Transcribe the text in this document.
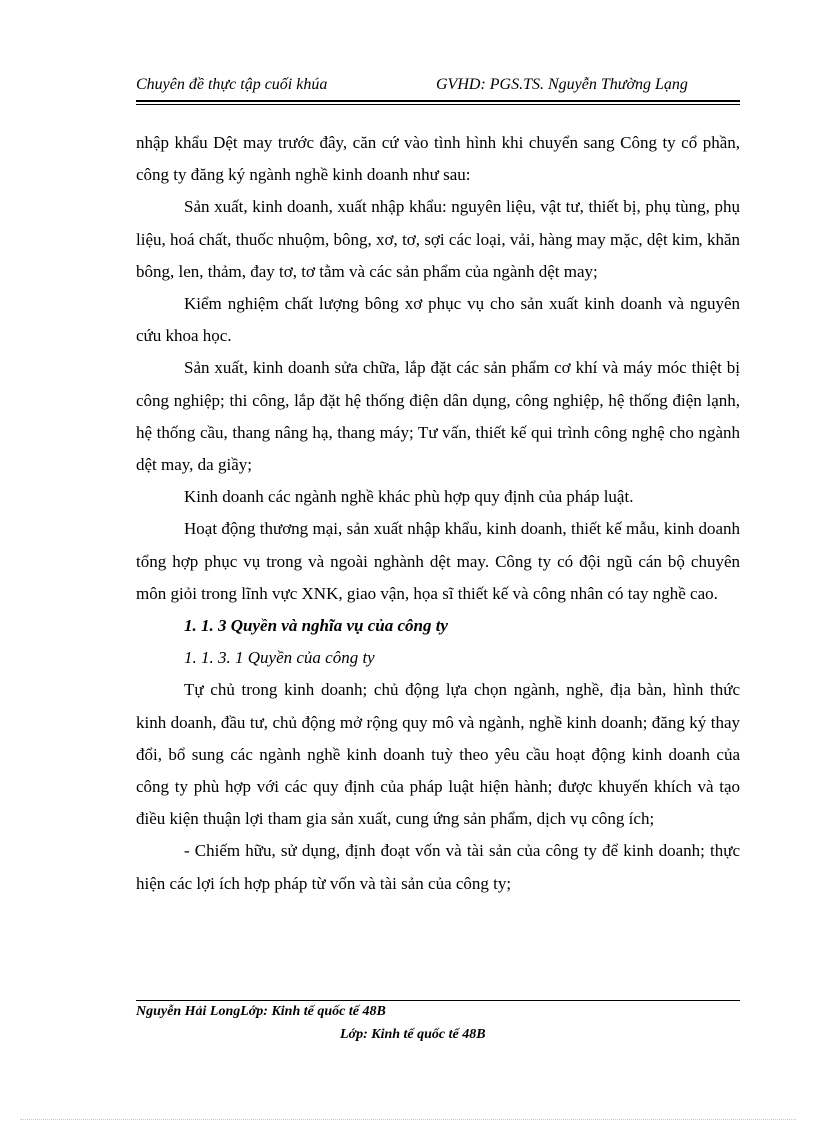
Chuyên đề thực tập cuối khúa	GVHD: PGS.TS. Nguyễn Thường Lạng

nhập khẩu Dệt may trước đây, căn cứ vào tình hình khi chuyển sang Công ty cổ phần, công ty đăng ký ngành nghề kinh doanh như sau:

Sản xuất, kinh doanh, xuất nhập khẩu: nguyên liệu, vật tư, thiết bị, phụ tùng, phụ liệu, hoá chất, thuốc nhuộm, bông, xơ, tơ, sợi các loại, vải, hàng may mặc, dệt kim, khăn bông, len, thảm, đay tơ, tơ tằm và các sản phẩm của ngành dệt may;

Kiểm nghiệm chất lượng bông xơ phục vụ cho sản xuất kinh doanh và nguyên cứu khoa học.

Sản xuất, kinh doanh sửa chữa, lắp đặt các sản phẩm cơ khí và máy móc thiệt bị công nghiệp; thi công, lắp đặt hệ thống điện dân dụng, công nghiệp, hệ thống điện lạnh, hệ thống cầu, thang nâng hạ, thang máy; Tư vấn, thiết kế qui trình công nghệ cho ngành dệt may, da giầy;

Kinh doanh các ngành nghề khác phù hợp quy định của pháp luật.

Hoạt động thương mại, sản xuất nhập khẩu, kinh doanh, thiết kế mẫu, kinh doanh tổng hợp phục vụ trong và ngoài nghành dệt may. Công ty có đội ngũ cán bộ chuyên môn giỏi trong lĩnh vực XNK, giao vận, họa sĩ thiết kế và công nhân có tay nghề cao.

1. 1. 3 Quyền và nghĩa vụ của công ty

1. 1. 3. 1 Quyền của công ty

Tự chủ trong kinh doanh; chủ động lựa chọn ngành, nghề, địa bàn, hình thức kinh doanh, đầu tư, chủ động mở rộng quy mô và ngành, nghề kinh doanh; đăng ký thay đổi, bổ sung các ngành nghề kinh doanh tuỳ theo yêu cầu hoạt động kinh doanh của công ty phù hợp với các quy định của pháp luật hiện hành; được khuyến khích và tạo điều kiện thuận lợi tham gia sản xuất, cung ứng sản phẩm, dịch vụ công ích;

- Chiếm hữu, sử dụng, định đoạt vốn và tài sản của công ty để kinh doanh; thực hiện các lợi ích hợp pháp từ vốn và tài sản của công ty;

Nguyễn Hải LongLớp: Kinh tế quốc tế 48B
Lớp: Kinh tế quốc tế 48B
